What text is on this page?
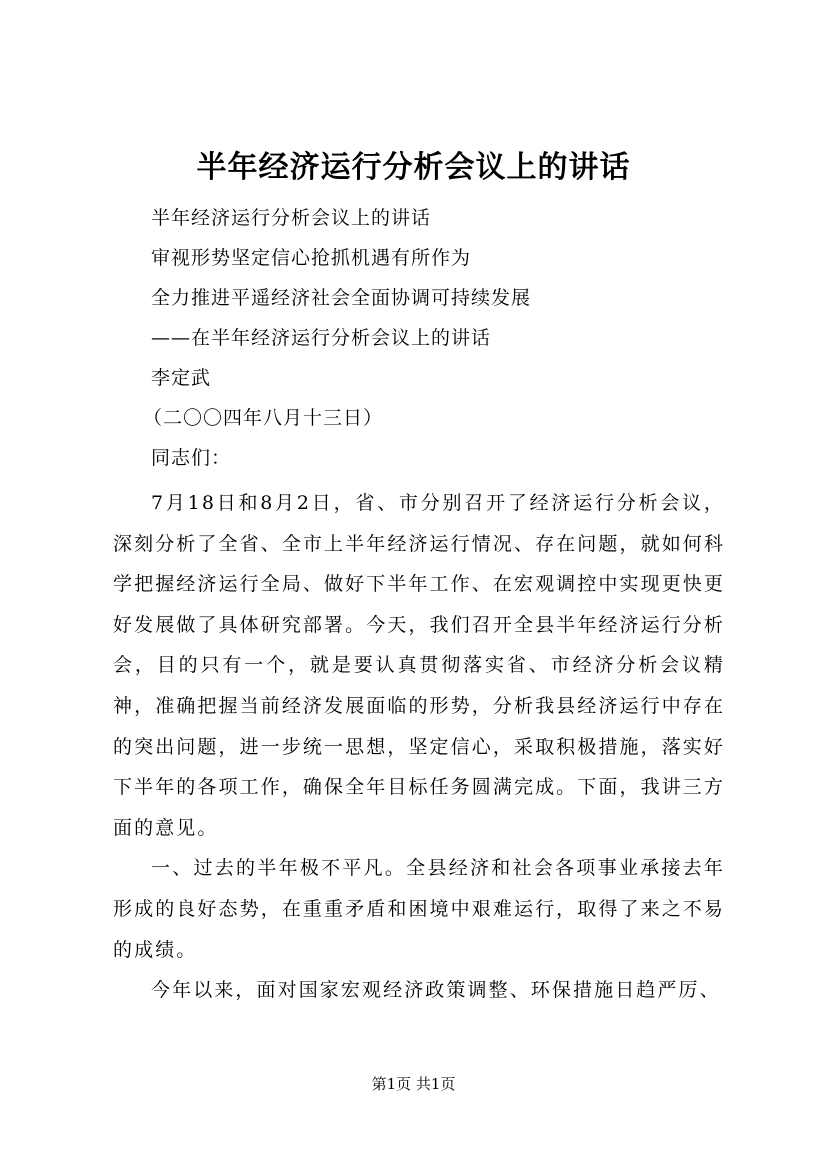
半年经济运行分析会议上的讲话

半年经济运行分析会议上的讲话

审视形势坚定信心抢抓机遇有所作为

全力推进平遥经济社会全面协调可持续发展

——在半年经济运行分析会议上的讲话

李定武

（二〇〇四年八月十三日）

同志们：

7月18日和8月2日，省、市分别召开了经济运行分析会议，深刻分析了全省、全市上半年经济运行情况、存在问题，就如何科学把握经济运行全局、做好下半年工作、在宏观调控中实现更快更好发展做了具体研究部署。今天，我们召开全县半年经济运行分析会，目的只有一个，就是要认真贯彻落实省、市经济分析会议精神，准确把握当前经济发展面临的形势，分析我县经济运行中存在的突出问题，进一步统一思想，坚定信心，采取积极措施，落实好下半年的各项工作，确保全年目标任务圆满完成。下面，我讲三方面的意见。

一、过去的半年极不平凡。全县经济和社会各项事业承接去年形成的良好态势，在重重矛盾和困境中艰难运行，取得了来之不易的成绩。

今年以来，面对国家宏观经济政策调整、环保措施日趋严厉、

第1页 共1页
